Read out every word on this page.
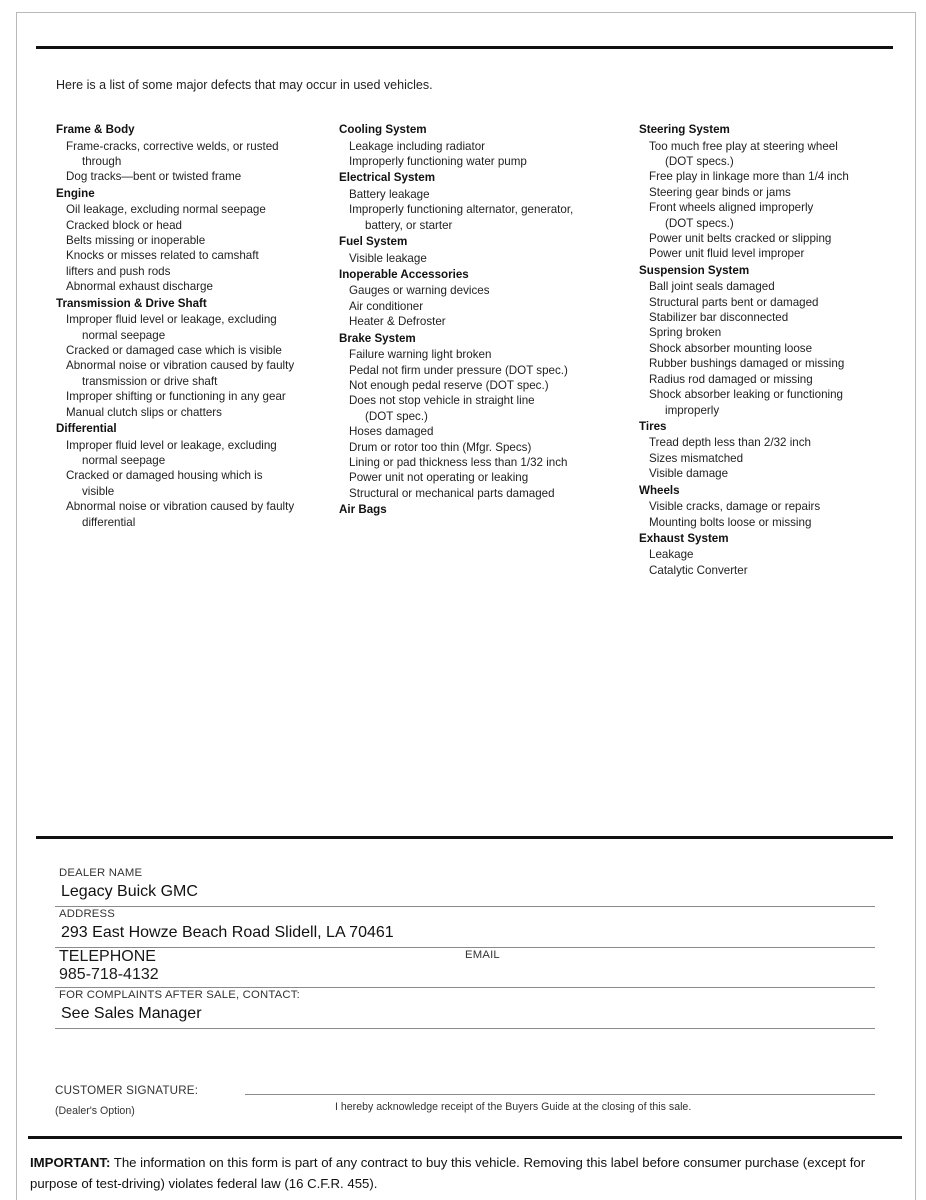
Here is a list of some major defects that may occur in used vehicles.
Frame & Body
Frame-cracks, corrective welds, or rusted
through
Dog tracks—bent or twisted frame
Engine
Oil leakage, excluding normal seepage
Cracked block or head
Belts missing or inoperable
Knocks or misses related to camshaft
lifters and push rods
Abnormal exhaust discharge
Transmission & Drive Shaft
Improper fluid level or leakage, excluding
normal seepage
Cracked or damaged case which is visible
Abnormal noise or vibration caused by faulty
transmission or drive shaft
Improper shifting or functioning in any gear
Manual clutch slips or chatters
Differential
Improper fluid level or leakage, excluding
normal seepage
Cracked or damaged housing which is
visible
Abnormal noise or vibration caused by faulty
differential
Cooling System
Leakage including radiator
Improperly functioning water pump
Electrical System
Battery leakage
Improperly functioning alternator, generator,
battery, or starter
Fuel System
Visible leakage
Inoperable Accessories
Gauges or warning devices
Air conditioner
Heater & Defroster
Brake System
Failure warning light broken
Pedal not firm under pressure (DOT spec.)
Not enough pedal reserve (DOT spec.)
Does not stop vehicle in straight line
(DOT spec.)
Hoses damaged
Drum or rotor too thin (Mfgr. Specs)
Lining or pad thickness less than 1/32 inch
Power unit not operating or leaking
Structural or mechanical parts damaged
Air Bags
Steering System
Too much free play at steering wheel
(DOT specs.)
Free play in linkage more than 1/4 inch
Steering gear binds or jams
Front wheels aligned improperly
(DOT specs.)
Power unit belts cracked or slipping
Power unit fluid level improper
Suspension System
Ball joint seals damaged
Structural parts bent or damaged
Stabilizer bar disconnected
Spring broken
Shock absorber mounting loose
Rubber bushings damaged or missing
Radius rod damaged or missing
Shock absorber leaking or functioning
improperly
Tires
Tread depth less than 2/32 inch
Sizes mismatched
Visible damage
Wheels
Visible cracks, damage or repairs
Mounting bolts loose or missing
Exhaust System
Leakage
Catalytic Converter
DEALER NAME
Legacy Buick GMC
ADDRESS
293 East Howze Beach Road Slidell, LA 70461
TELEPHONE	EMAIL
985-718-4132
FOR COMPLAINTS AFTER SALE, CONTACT:
See Sales Manager
CUSTOMER SIGNATURE:
(Dealer's Option)	I hereby acknowledge receipt of the Buyers Guide at the closing of this sale.
IMPORTANT: The information on this form is part of any contract to buy this vehicle. Removing this label before consumer purchase (except for purpose of test-driving) violates federal law (16 C.F.R. 455).
